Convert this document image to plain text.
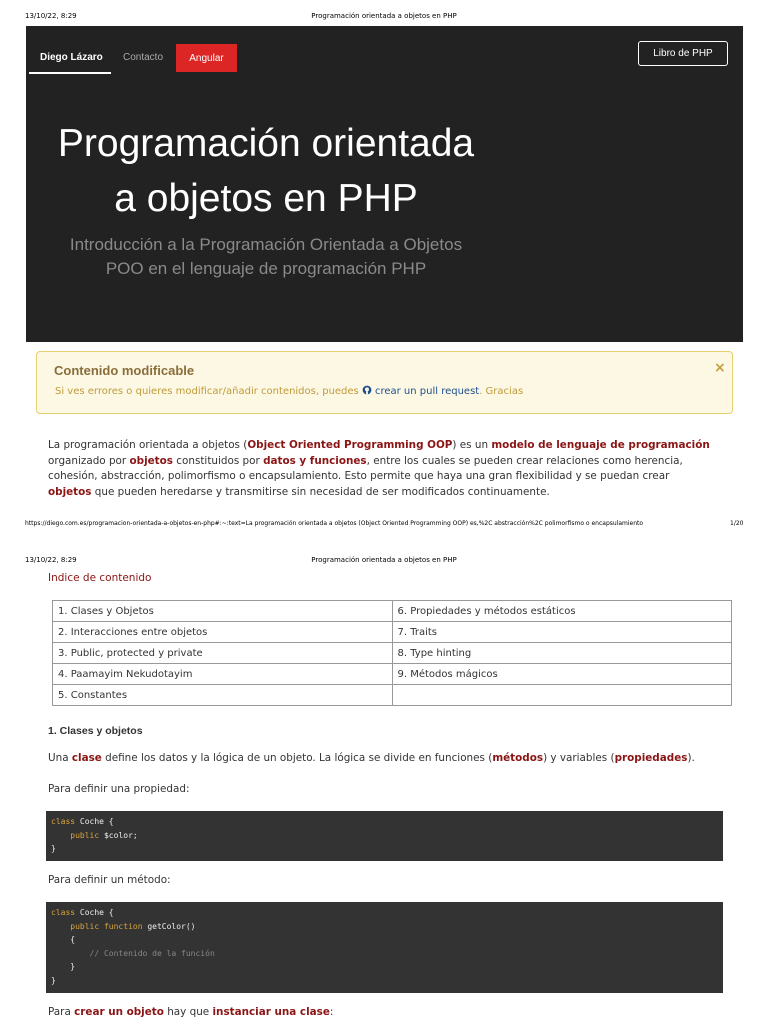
13/10/22, 8:29	Programación orientada a objetos en PHP
Diego Lázaro Contacto	Angular	Libro de PHP
Programación orientada
a objetos en PHP
Introducción a la Programación Orientada a Objetos
POO en el lenguaje de programación PHP
Contenido modificable
Si ves errores o quieres modificar/añadir contenidos, puedes crear un pull request. Gracias
×
La programación orientada a objetos (Object Oriented Programming OOP) es un modelo de lenguaje de programación
organizado por objetos constituidos por datos y funciones, entre los cuales se pueden crear relaciones como herencia,
cohesión, abstracción, polimorfismo o encapsulamiento. Esto permite que haya una gran flexibilidad y se puedan crear
objetos que pueden heredarse y transmitirse sin necesidad de ser modificados continuamente.
https://diego.com.es/programacion-orientada-a-objetos-en-php#:~:text=La programación orientada a objetos (Object Oriented Programming OOP) es,%2C abstracción%2C polimorfismo o encapsulamiento	1/20
13/10/22, 8:29	Programación orientada a objetos en PHP
Indice de contenido
1. Clases y Objetos	6. Propiedades y métodos estáticos
2. Interacciones entre objetos	7. Traits
3. Public, protected y private	8. Type hinting
4. Paamayim Nekudotayim	9. Métodos mágicos
5. Constantes	
1. Clases y objetos
Una clase define los datos y la lógica de un objeto. La lógica se divide en funciones (métodos) y variables (propiedades).
Para definir una propiedad:
class Coche {
public $color;
}
Para definir un método:
class Coche {
public function getColor()
{
// Contenido de la función
}
}
Para crear un objeto hay que instanciar una clase:
